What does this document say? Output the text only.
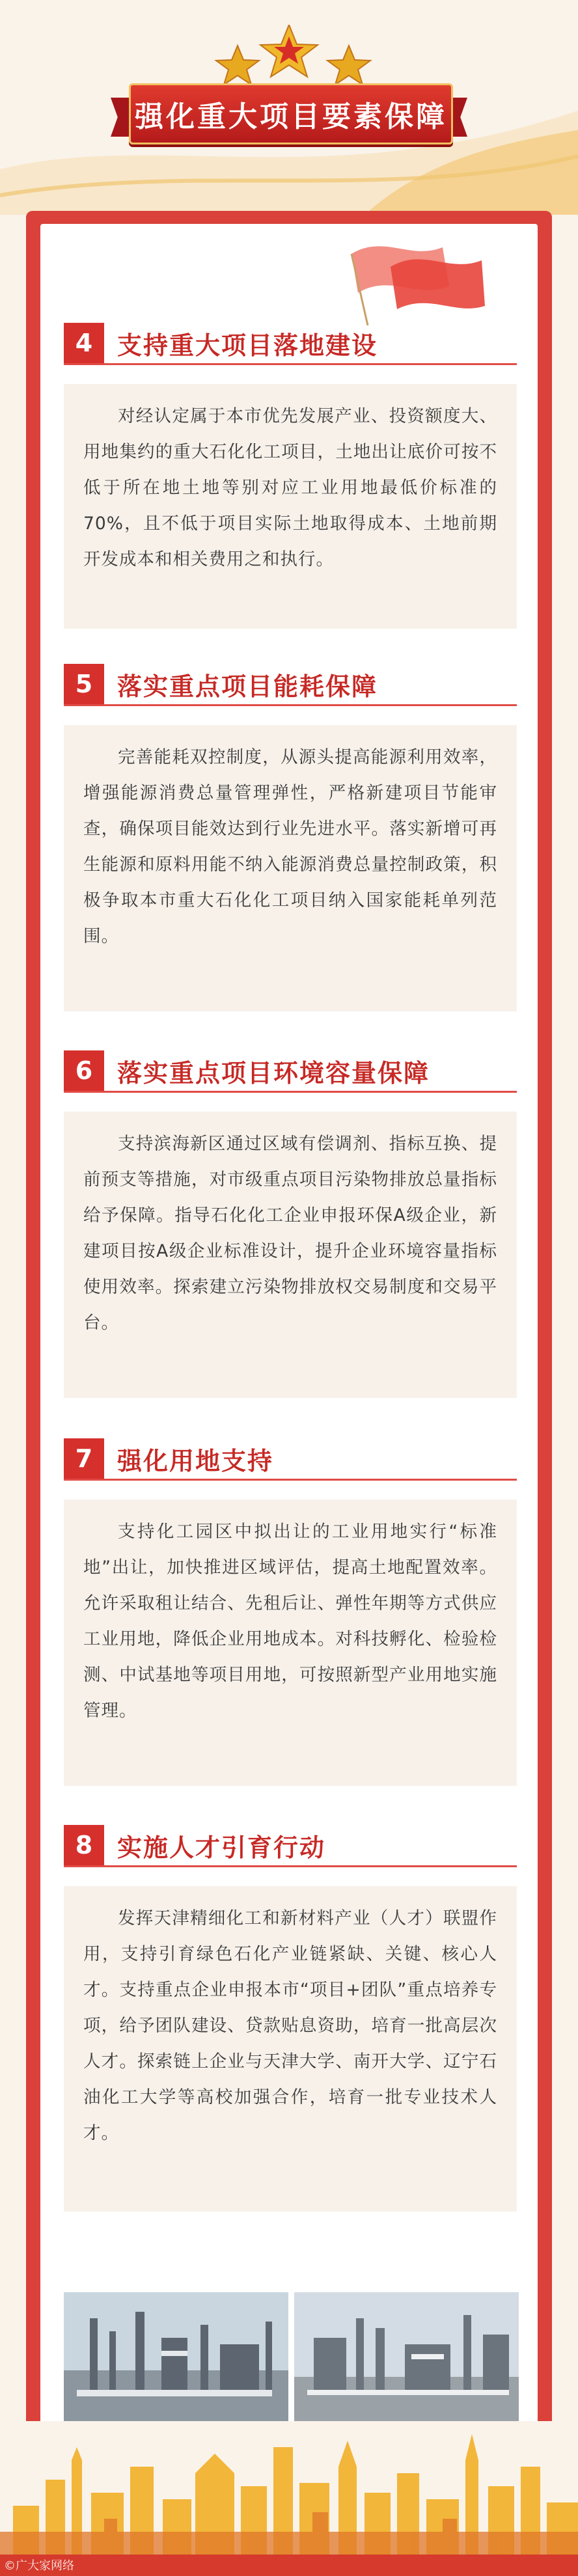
强化重大项目要素保障
4 支持重大项目落地建设
对经认定属于本市优先发展产业、投资额度大、用地集约的重大石化化工项目，土地出让底价可按不低于所在地土地等别对应工业用地最低价标准的70%，且不低于项目实际土地取得成本、土地前期开发成本和相关费用之和执行。
5 落实重点项目能耗保障
完善能耗双控制度，从源头提高能源利用效率，增强能源消费总量管理弹性，严格新建项目节能审查，确保项目能效达到行业先进水平。落实新增可再生能源和原料用能不纳入能源消费总量控制政策，积极争取本市重大石化化工项目纳入国家能耗单列范围。
6 落实重点项目环境容量保障
支持滨海新区通过区域有偿调剂、指标互换、提前预支等措施，对市级重点项目污染物排放总量指标给予保障。指导石化化工企业申报环保A级企业，新建项目按A级企业标准设计，提升企业环境容量指标使用效率。探索建立污染物排放权交易制度和交易平台。
7 强化用地支持
支持化工园区中拟出让的工业用地实行“标准地”出让，加快推进区域评估，提高土地配置效率。允许采取租让结合、先租后让、弹性年期等方式供应工业用地，降低企业用地成本。对科技孵化、检验检测、中试基地等项目用地，可按照新型产业用地实施管理。
8 实施人才引育行动
发挥天津精细化工和新材料产业（人才）联盟作用，支持引育绿色石化产业链紧缺、关键、核心人才。支持重点企业申报本市“项目+团队”重点培养专项，给予团队建设、贷款贴息资助，培育一批高层次人才。探索链上企业与天津大学、南开大学、辽宁石油化工大学等高校加强合作，培育一批专业技术人才。
©广大家网络
